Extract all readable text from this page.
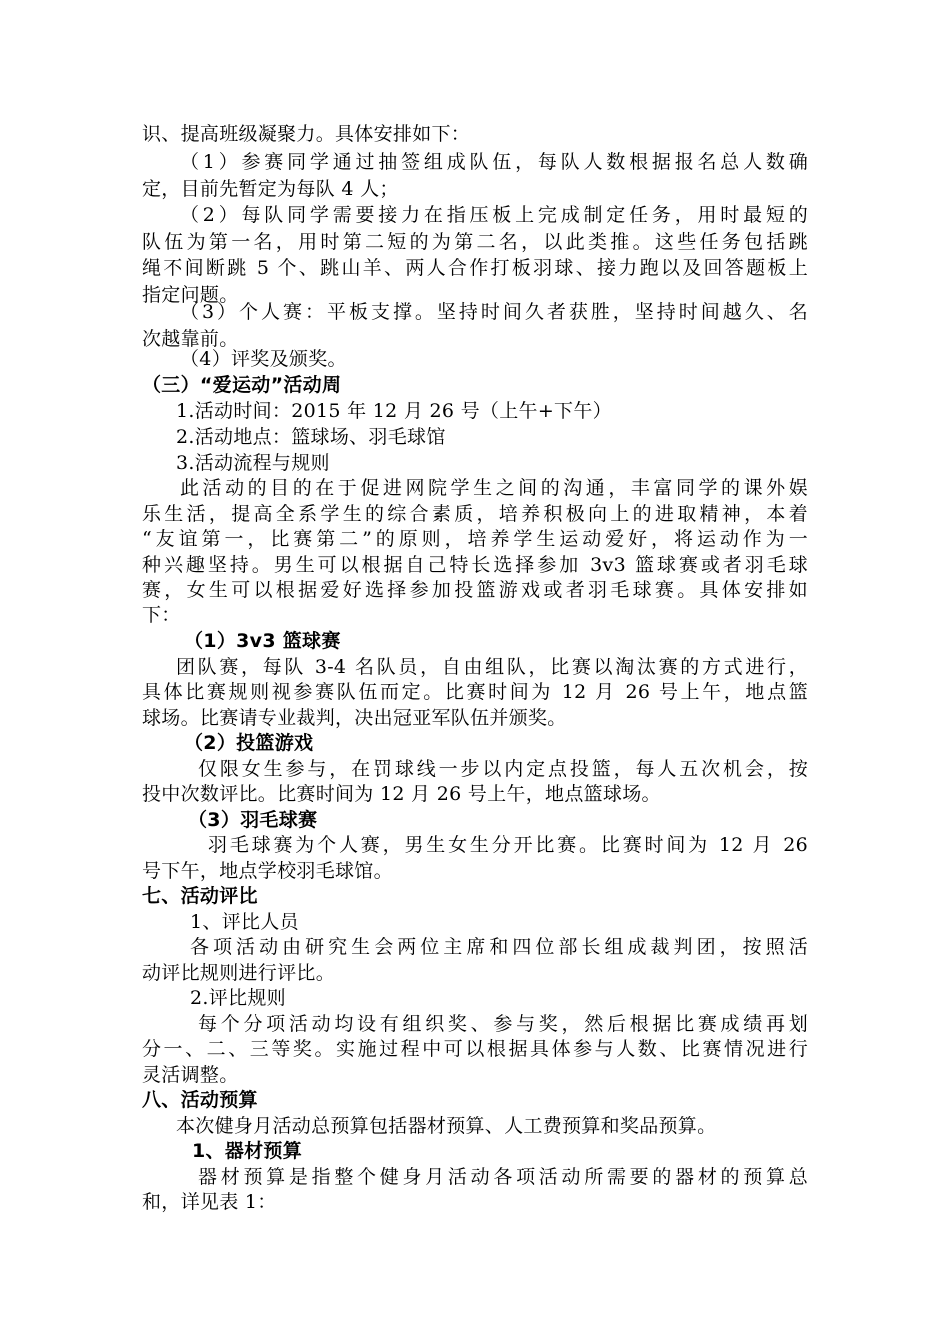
识、提高班级凝聚力。具体安排如下：
（1）参赛同学通过抽签组成队伍，每队人数根据报名总人数确
定，目前先暂定为每队 4 人；
（2）每队同学需要接力在指压板上完成制定任务，用时最短的
队伍为第一名，用时第二短的为第二名，以此类推。这些任务包括跳
绳不间断跳 5 个、跳山羊、两人合作打板羽球、接力跑以及回答题板上
指定问题。
（3）个人赛：平板支撑。坚持时间久者获胜，坚持时间越久、名
次越靠前。
（4）评奖及颁奖。
（三）“爱运动”活动周
1.活动时间：2015 年 12 月 26 号（上午+下午）
2.活动地点：篮球场、羽毛球馆
3.活动流程与规则
此活动的目的在于促进网院学生之间的沟通，丰富同学的课外娱
乐生活，提高全系学生的综合素质，培养积极向上的进取精神，本着
“友谊第一，比赛第二”的原则，培养学生运动爱好，将运动作为一
种兴趣坚持。男生可以根据自己特长选择参加 3v3 篮球赛或者羽毛球
赛，女生可以根据爱好选择参加投篮游戏或者羽毛球赛。具体安排如
下：
（1）3v3 篮球赛
团队赛，每队 3-4 名队员，自由组队，比赛以淘汰赛的方式进行，
具体比赛规则视参赛队伍而定。比赛时间为 12 月 26 号上午，地点篮
球场。比赛请专业裁判，决出冠亚军队伍并颁奖。
（2）投篮游戏
仅限女生参与，在罚球线一步以内定点投篮，每人五次机会，按
投中次数评比。比赛时间为 12 月 26 号上午，地点篮球场。
（3）羽毛球赛
羽毛球赛为个人赛，男生女生分开比赛。比赛时间为 12 月 26
号下午，地点学校羽毛球馆。
七、活动评比
1、评比人员
各项活动由研究生会两位主席和四位部长组成裁判团，按照活
动评比规则进行评比。
2.评比规则
每个分项活动均设有组织奖、参与奖，然后根据比赛成绩再划
分一、二、三等奖。实施过程中可以根据具体参与人数、比赛情况进行
灵活调整。
八、活动预算
本次健身月活动总预算包括器材预算、人工费预算和奖品预算。
1、器材预算
器材预算是指整个健身月活动各项活动所需要的器材的预算总
和，详见表 1：
